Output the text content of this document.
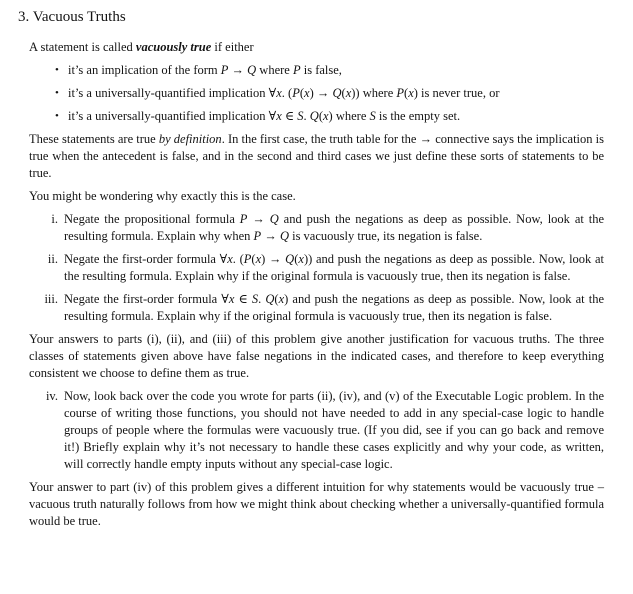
3. Vacuous Truths

A statement is called vacuously true if either

• it’s an implication of the form P → Q where P is false,
• it’s a universally-quantified implication ∀x. (P(x) → Q(x)) where P(x) is never true, or
• it’s a universally-quantified implication ∀x ∈ S. Q(x) where S is the empty set.

These statements are true by definition. In the first case, the truth table for the → connective says the implication is true when the antecedent is false, and in the second and third cases we just define these sorts of statements to be true.

You might be wondering why exactly this is the case.

i. Negate the propositional formula P → Q and push the negations as deep as possible. Now, look at the resulting formula. Explain why when P → Q is vacuously true, its negation is false.
ii. Negate the first-order formula ∀x. (P(x) → Q(x)) and push the negations as deep as possible. Now, look at the resulting formula. Explain why if the original formula is vacuously true, then its negation is false.
iii. Negate the first-order formula ∀x ∈ S. Q(x) and push the negations as deep as possible. Now, look at the resulting formula. Explain why if the original formula is vacuously true, then its negation is false.

Your answers to parts (i), (ii), and (iii) of this problem give another justification for vacuous truths. The three classes of statements given above have false negations in the indicated cases, and therefore to keep everything consistent we choose to define them as true.

iv. Now, look back over the code you wrote for parts (ii), (iv), and (v) of the Executable Logic problem. In the course of writing those functions, you should not have needed to add in any special-case logic to handle groups of people where the formulas were vacuously true. (If you did, see if you can go back and remove it!) Briefly explain why it’s not necessary to handle these cases explicitly and why your code, as written, will correctly handle empty inputs without any special-case logic.

Your answer to part (iv) of this problem gives a different intuition for why statements would be vacuously true – vacuous truth naturally follows from how we might think about checking whether a universally-quantified formula would be true.
